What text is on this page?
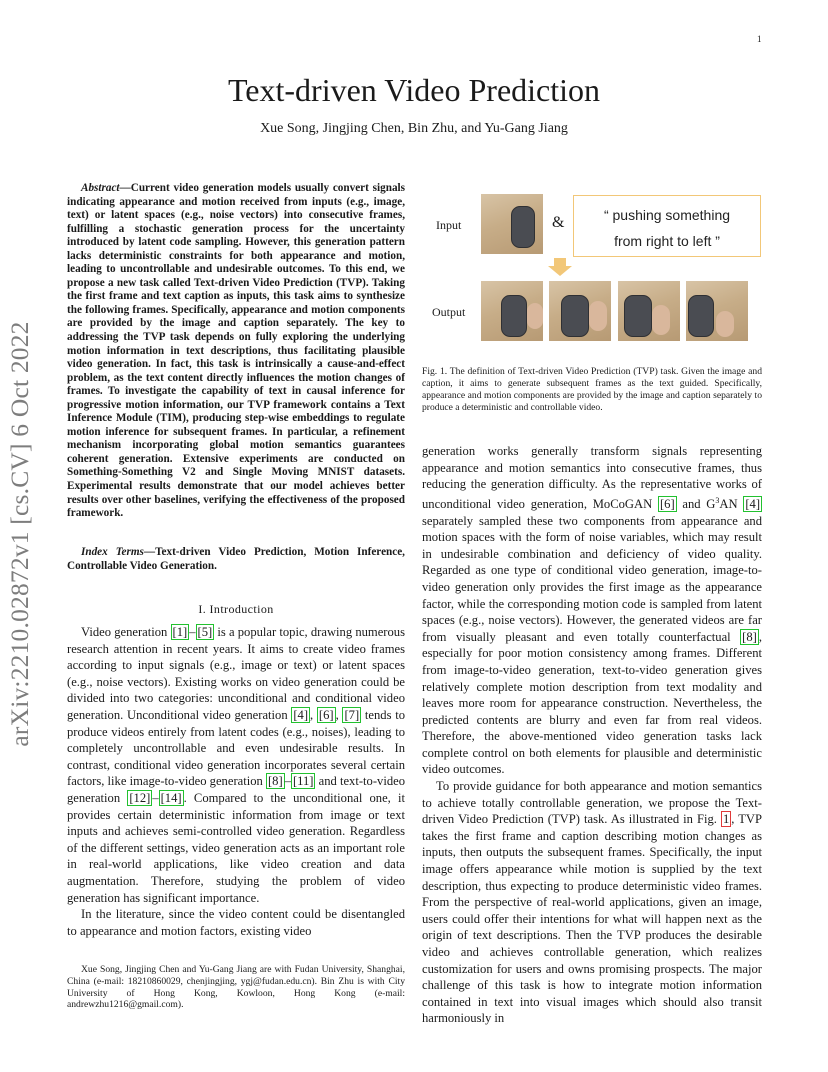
1
arXiv:2210.02872v1 [cs.CV] 6 Oct 2022
Text-driven Video Prediction
Xue Song, Jingjing Chen, Bin Zhu, and Yu-Gang Jiang
Abstract—Current video generation models usually convert signals indicating appearance and motion received from inputs (e.g., image, text) or latent spaces (e.g., noise vectors) into consecutive frames, fulfilling a stochastic generation process for the uncertainty introduced by latent code sampling. However, this generation pattern lacks deterministic constraints for both appearance and motion, leading to uncontrollable and undesirable outcomes. To this end, we propose a new task called Text-driven Video Prediction (TVP). Taking the first frame and text caption as inputs, this task aims to synthesize the following frames. Specifically, appearance and motion components are provided by the image and caption separately. The key to addressing the TVP task depends on fully exploring the underlying motion information in text descriptions, thus facilitating plausible video generation. In fact, this task is intrinsically a cause-and-effect problem, as the text content directly influences the motion changes of frames. To investigate the capability of text in causal inference for progressive motion information, our TVP framework contains a Text Inference Module (TIM), producing step-wise embeddings to regulate motion inference for subsequent frames. In particular, a refinement mechanism incorporating global motion semantics guarantees coherent generation. Extensive experiments are conducted on Something-Something V2 and Single Moving MNIST datasets. Experimental results demonstrate that our model achieves better results over other baselines, verifying the effectiveness of the proposed framework.
Index Terms—Text-driven Video Prediction, Motion Inference, Controllable Video Generation.
I. Introduction

Video generation [1] – [5] is a popular topic, drawing numerous research attention in recent years. It aims to create video frames according to input signals (e.g., image or text) or latent spaces (e.g., noise vectors). Existing works on video generation could be divided into two categories: unconditional and conditional video generation. Unconditional video generation [4] , [6] , [7] tends to produce videos entirely from latent codes (e.g., noises), leading to completely uncontrollable and even undesirable results. In contrast, conditional video generation incorporates several certain factors, like image-to-video generation [8] – [11] and text-to-video generation [12] – [14] . Compared to the unconditional one, it provides certain deterministic information from image or text inputs and achieves semi-controlled video generation. Regardless of the different settings, video generation acts as an important role in real-world applications, like video creation and data augmentation. Therefore, studying the problem of video generation has significant importance.

In the literature, since the video content could be disentangled to appearance and motion factors, existing video

Xue Song, Jingjing Chen and Yu-Gang Jiang are with Fudan University, Shanghai, China (e-mail: 18210860029, chenjingjing, ygj@fudan.edu.cn). Bin Zhu is with City University of Hong Kong, Kowloon, Hong Kong (e-mail: andrewzhu1216@gmail.com).
Input	&	“ pushing something from right to left ”
Output
Fig. 1. The definition of Text-driven Video Prediction (TVP) task. Given the image and caption, it aims to generate subsequent frames as the text guided. Specifically, appearance and motion components are provided by the image and caption separately to produce a deterministic and controllable video.

generation works generally transform signals representing appearance and motion semantics into consecutive frames, thus reducing the generation difficulty. As the representative works of unconditional video generation, MoCoGAN [6] and $G^3AN$ [4] separately sampled these two components from appearance and motion spaces with the form of noise variables, which may result in undesirable combination and deficiency of video quality. Regarded as one type of conditional video generation, image-to-video generation only provides the first image as the appearance factor, while the corresponding motion code is sampled from latent spaces (e.g., noise vectors). However, the generated videos are far from visually pleasant and even totally counterfactual [8] , especially for poor motion consistency among frames. Different from image-to-video generation, text-to-video generation gives relatively complete motion description from text modality and leaves more room for appearance construction. Nevertheless, the predicted contents are blurry and even far from real videos. Therefore, the above-mentioned video generation tasks lack complete control on both elements for plausible and deterministic video outcomes.

To provide guidance for both appearance and motion semantics to achieve totally controllable generation, we propose the Text-driven Video Prediction (TVP) task. As illustrated in Fig. 1 , TVP takes the first frame and caption describing motion changes as inputs, then outputs the subsequent frames. Specifically, the input image offers appearance while motion is supplied by the text description, thus expecting to produce deterministic video frames. From the perspective of real-world applications, given an image, users could offer their intentions for what will happen next as the origin of text descriptions. Then the TVP produces the desirable video and achieves controllable generation, which realizes customization for users and owns promising prospects. The major challenge of this task is how to integrate motion information contained in text into visual images which should also transit harmoniously in
